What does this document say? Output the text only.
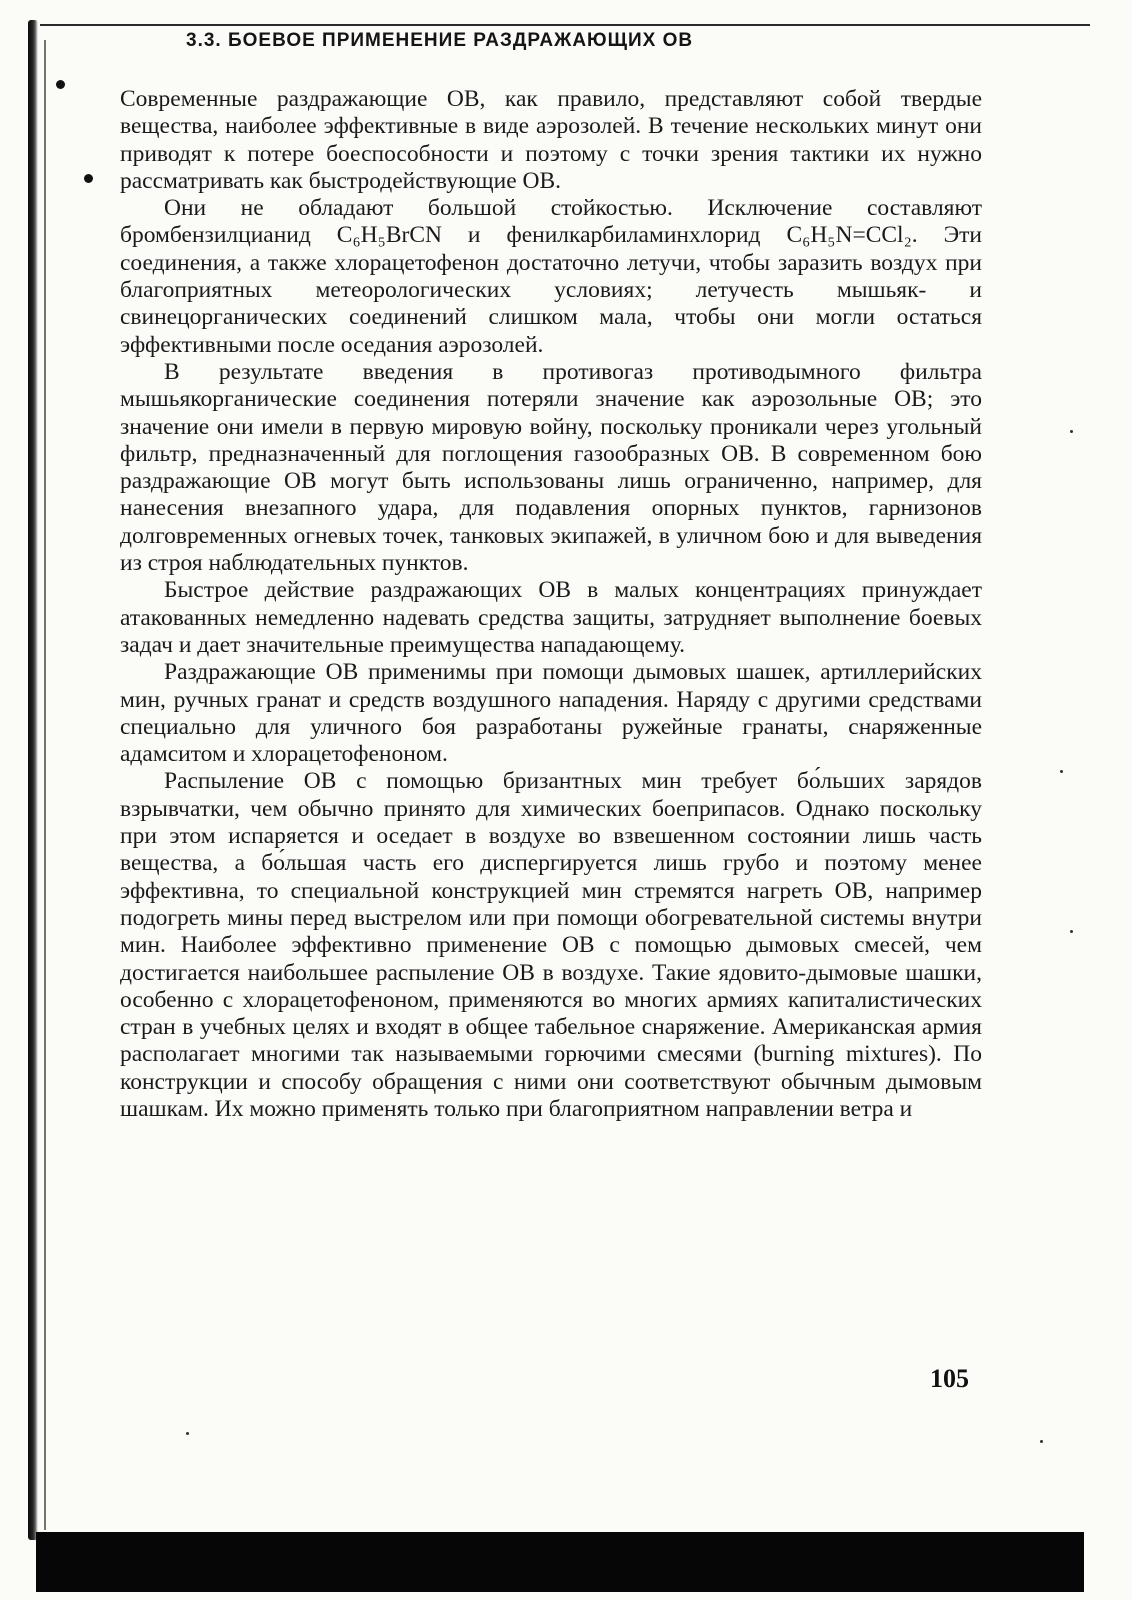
3.3. БОЕВОЕ ПРИМЕНЕНИЕ РАЗДРАЖАЮЩИХ ОВ

Современные раздражающие ОВ, как правило, представляют собой твердые вещества, наиболее эффективные в виде аэрозолей. В течение нескольких минут они приводят к потере боеспособности и поэтому с точки зрения тактики их нужно рассматривать как быстродействующие ОВ.

Они не обладают большой стойкостью. Исключение составляют бромбензилцианид C₆H₅BrCN и фенилкарбиламинхлорид C₆H₅N=CCl₂. Эти соединения, а также хлорацетофенон достаточно летучи, чтобы заразить воздух при благоприятных метеорологических условиях; летучесть мышьяк- и свинецорганических соединений слишком мала, чтобы они могли остаться эффективными после оседания аэрозолей.

В результате введения в противогаз противодымного фильтра мышьякорганические соединения потеряли значение как аэрозольные ОВ; это значение они имели в первую мировую войну, поскольку проникали через угольный фильтр, предназначенный для поглощения газообразных ОВ. В современном бою раздражающие ОВ могут быть использованы лишь ограниченно, например, для нанесения внезапного удара, для подавления опорных пунктов, гарнизонов долговременных огневых точек, танковых экипажей, в уличном бою и для выведения из строя наблюдательных пунктов.

Быстрое действие раздражающих ОВ в малых концентрациях принуждает атакованных немедленно надевать средства защиты, затрудняет выполнение боевых задач и дает значительные преимущества нападающему.

Раздражающие ОВ применимы при помощи дымовых шашек, артиллерийских мин, ручных гранат и средств воздушного нападения. Наряду с другими средствами специально для уличного боя разработаны ружейные гранаты, снаряженные адамситом и хлорацетофеноном.

Распыление ОВ с помощью бризантных мин требует бо́льших зарядов взрывчатки, чем обычно принято для химических боеприпасов. Однако поскольку при этом испаряется и оседает в воздухе во взвешенном состоянии лишь часть вещества, а бо́льшая часть его диспергируется лишь грубо и поэтому менее эффективна, то специальной конструкцией мин стремятся нагреть ОВ, например подогреть мины перед выстрелом или при помощи обогревательной системы внутри мин. Наиболее эффективно применение ОВ с помощью дымовых смесей, чем достигается наибольшее распыление ОВ в воздухе. Такие ядовито-дымовые шашки, особенно с хлорацетофеноном, применяются во многих армиях капиталистических стран в учебных целях и входят в общее табельное снаряжение. Американская армия располагает многими так называемыми горючими смесями (burning mixtures). По конструкции и способу обращения с ними они соответствуют обычным дымовым шашкам. Их можно применять только при благоприятном направлении ветра и

105
